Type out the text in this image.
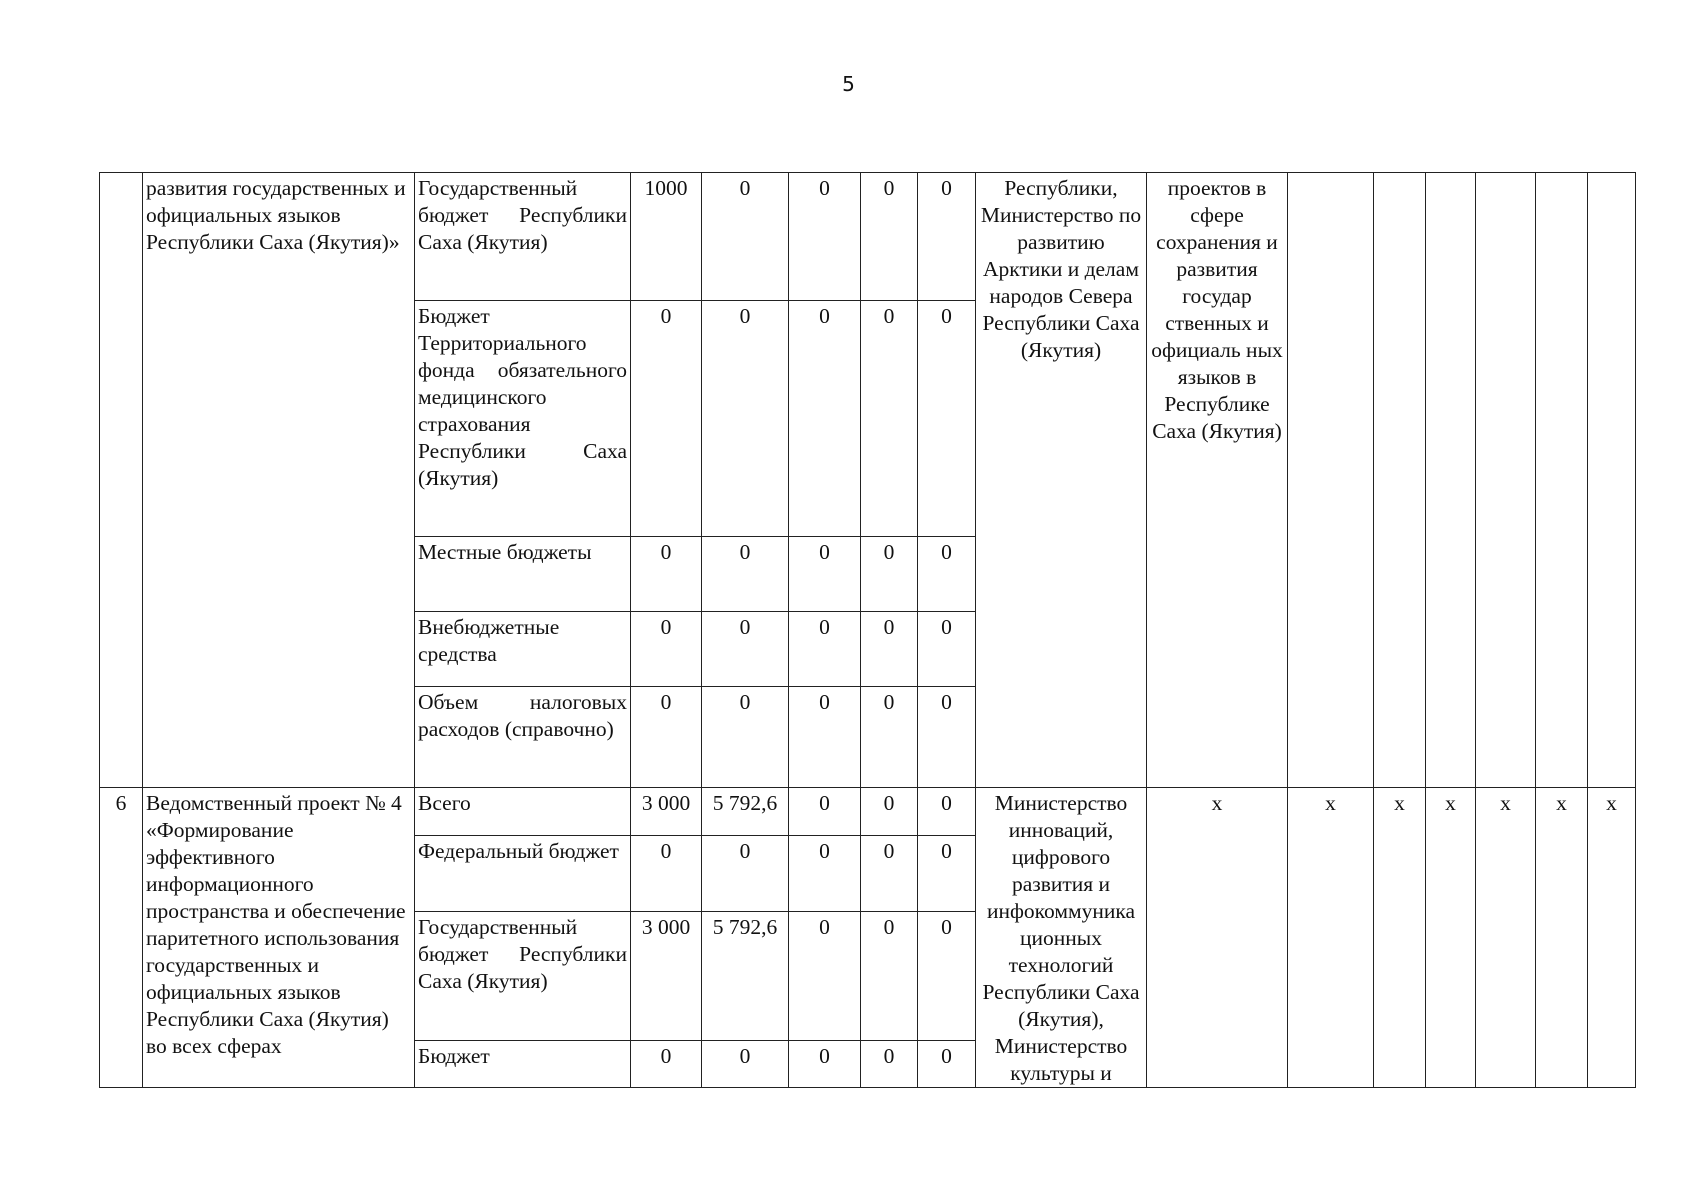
5
	развития государственных и официальных языков Республики Саха (Якутия)»	Государственный бюджет Республики Саха (Якутия)	1000	0	0	0	0	Республики, Министерство по развитию Арктики и делам народов Севера Республики Саха (Якутия)	проектов в сфере сохранения и развития государ ственных и официаль ных языков в Республике Саха (Якутия)						
		Бюджет Территориального фонда обязательного медицинского страхования Республики Саха (Якутия)	0	0	0	0	0								
		Местные бюджеты	0	0	0	0	0								
		Внебюджетные средства	0	0	0	0	0								
		Объем налоговых расходов (справочно)	0	0	0	0	0								
6	Ведомственный проект № 4 «Формирование эффективного информационного пространства и обеспечение паритетного использования государственных и официальных языков Республики Саха (Якутия) во всех сферах	Всего	3 000	5 792,6	0	0	0	Министерство инноваций, цифрового развития и инфокоммуника ционных технологий Республики Саха (Якутия), Министерство культуры и	х	х	х	х	х	х	х
		Федеральный бюджет	0	0	0	0	0								
		Государственный бюджет Республики Саха (Якутия)	3 000	5 792,6	0	0	0								
		Бюджет	0	0	0	0	0								
